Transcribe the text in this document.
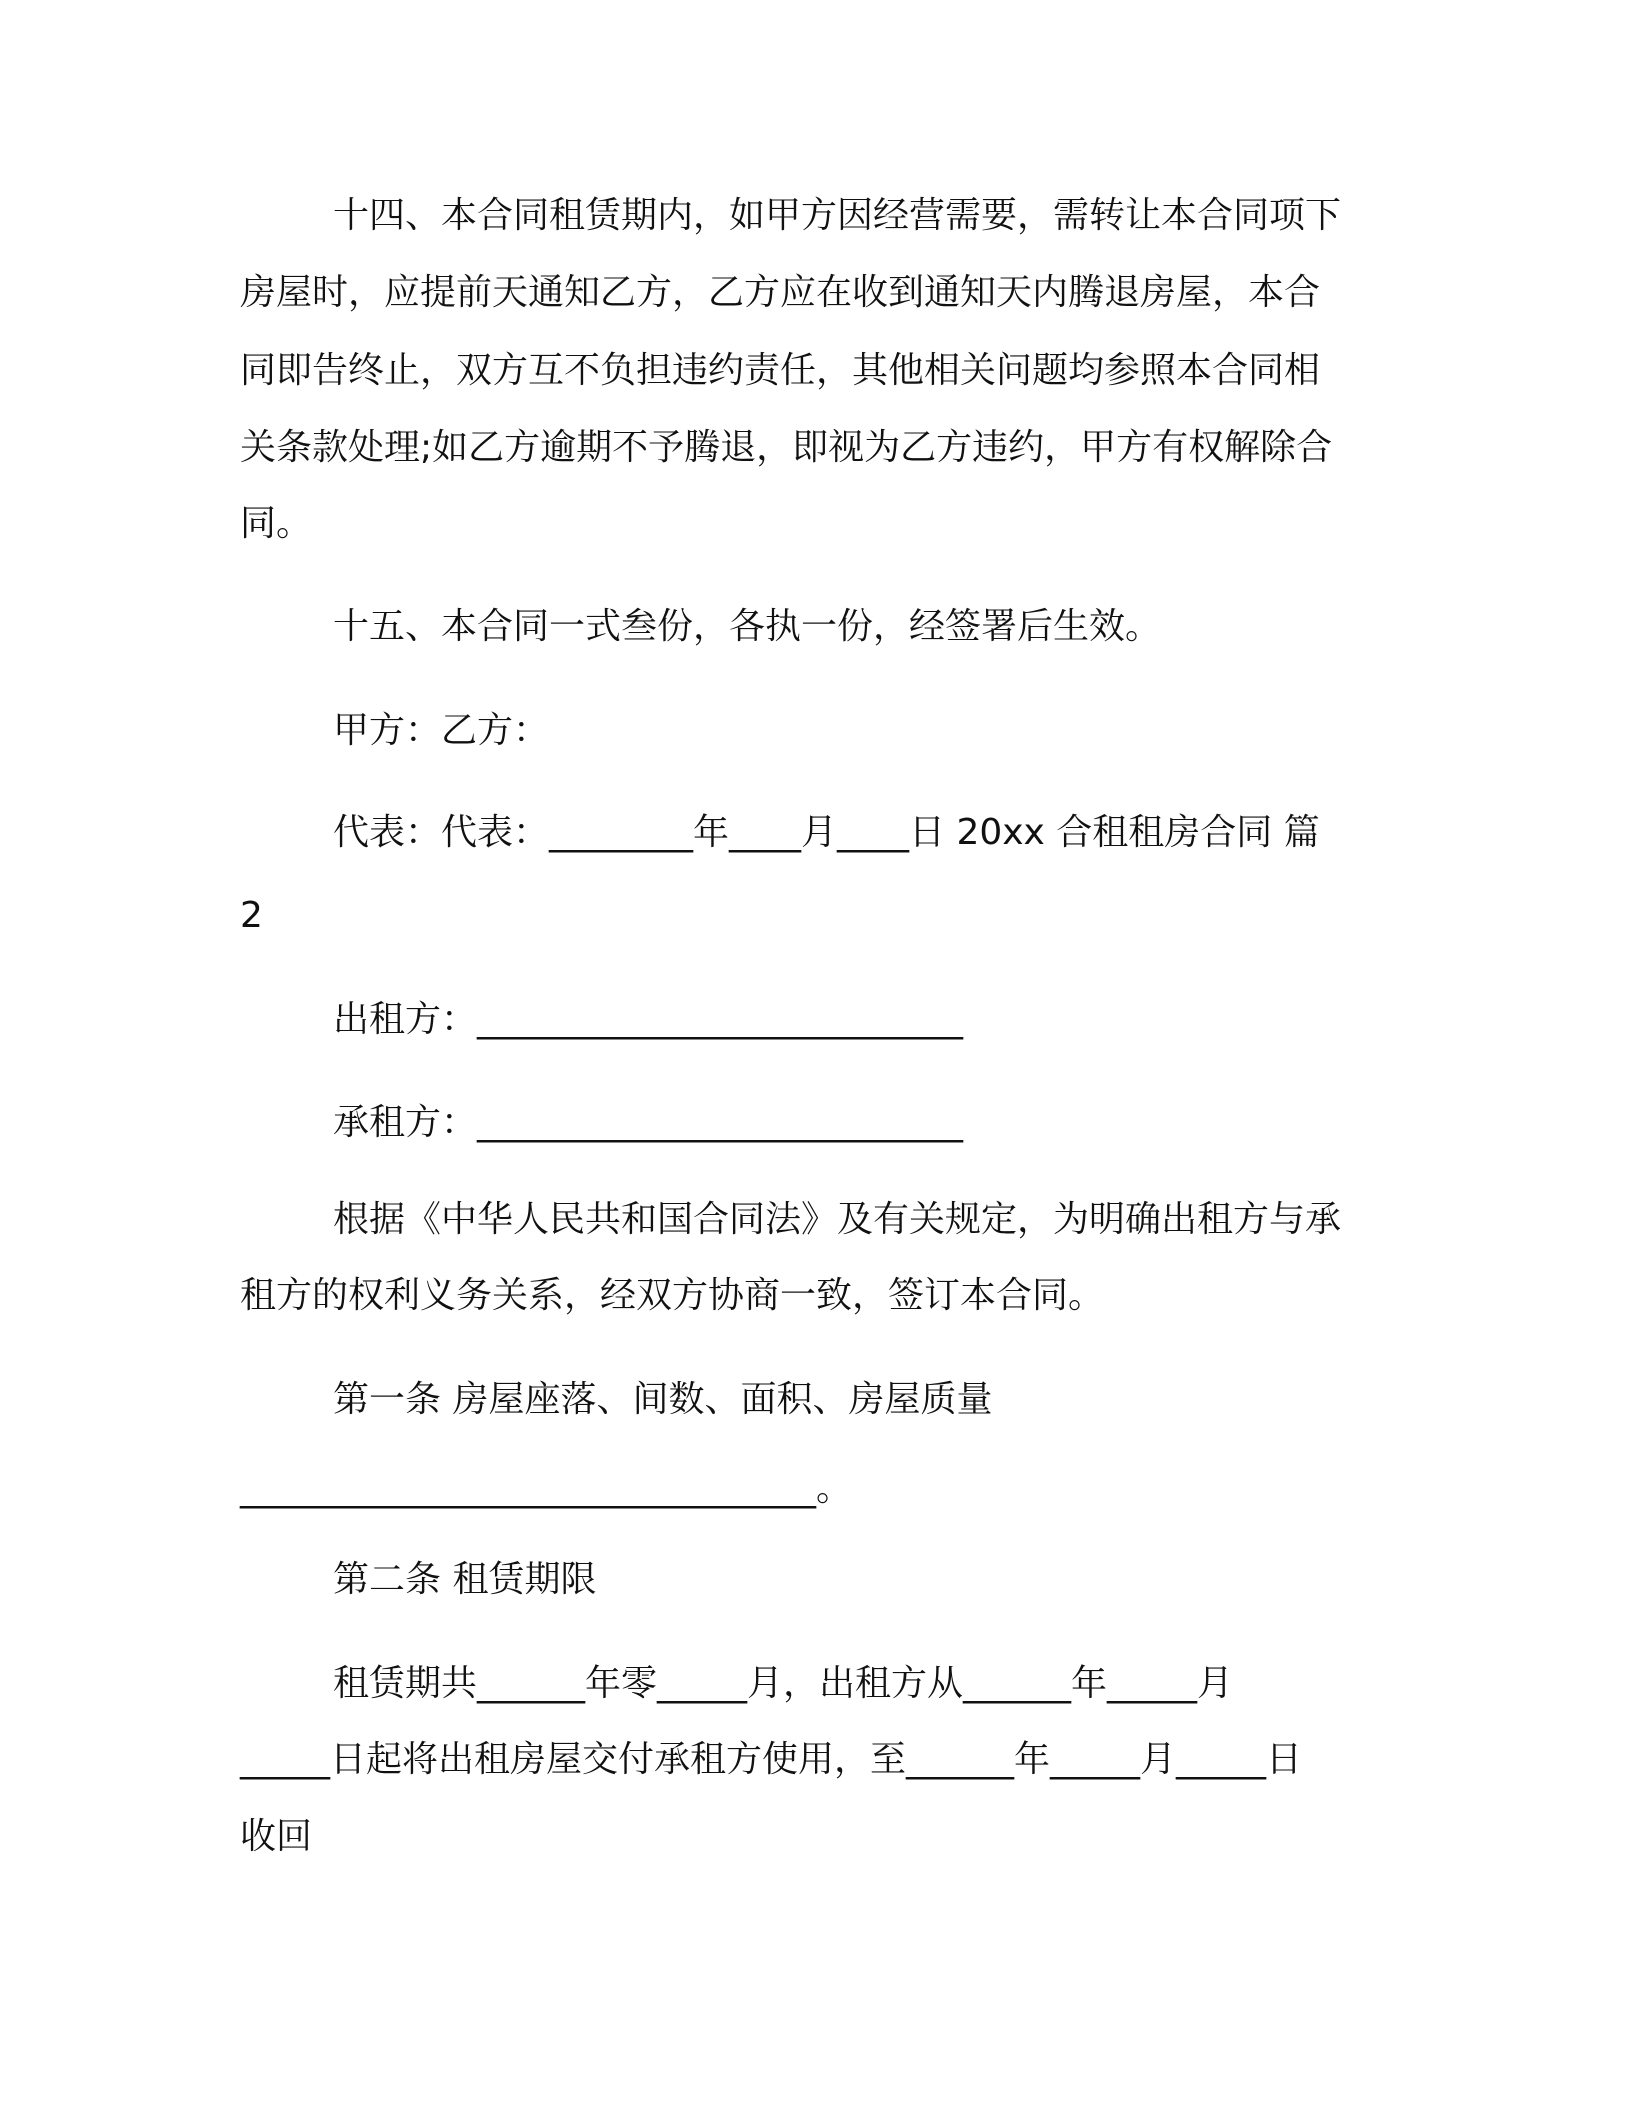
十四、本合同租赁期内，如甲方因经营需要，需转让本合同项下
房屋时，应提前天通知乙方，乙方应在收到通知天内腾退房屋，本合
同即告终止，双方互不负担违约责任，其他相关问题均参照本合同相
关条款处理;如乙方逾期不予腾退，即视为乙方违约，甲方有权解除合
同。
十五、本合同一式叁份，各执一份，经签署后生效。
甲方：乙方：
代表：代表：________年____月____日 20xx 合租租房合同 篇
2
出租方：___________________________
承租方：___________________________
根据《中华人民共和国合同法》及有关规定，为明确出租方与承
租方的权利义务关系，经双方协商一致，签订本合同。
第一条 房屋座落、间数、面积、房屋质量
________________________________。
第二条 租赁期限
租赁期共______年零_____月，出租方从______年_____月
_____日起将出租房屋交付承租方使用，至______年_____月_____日
收回
